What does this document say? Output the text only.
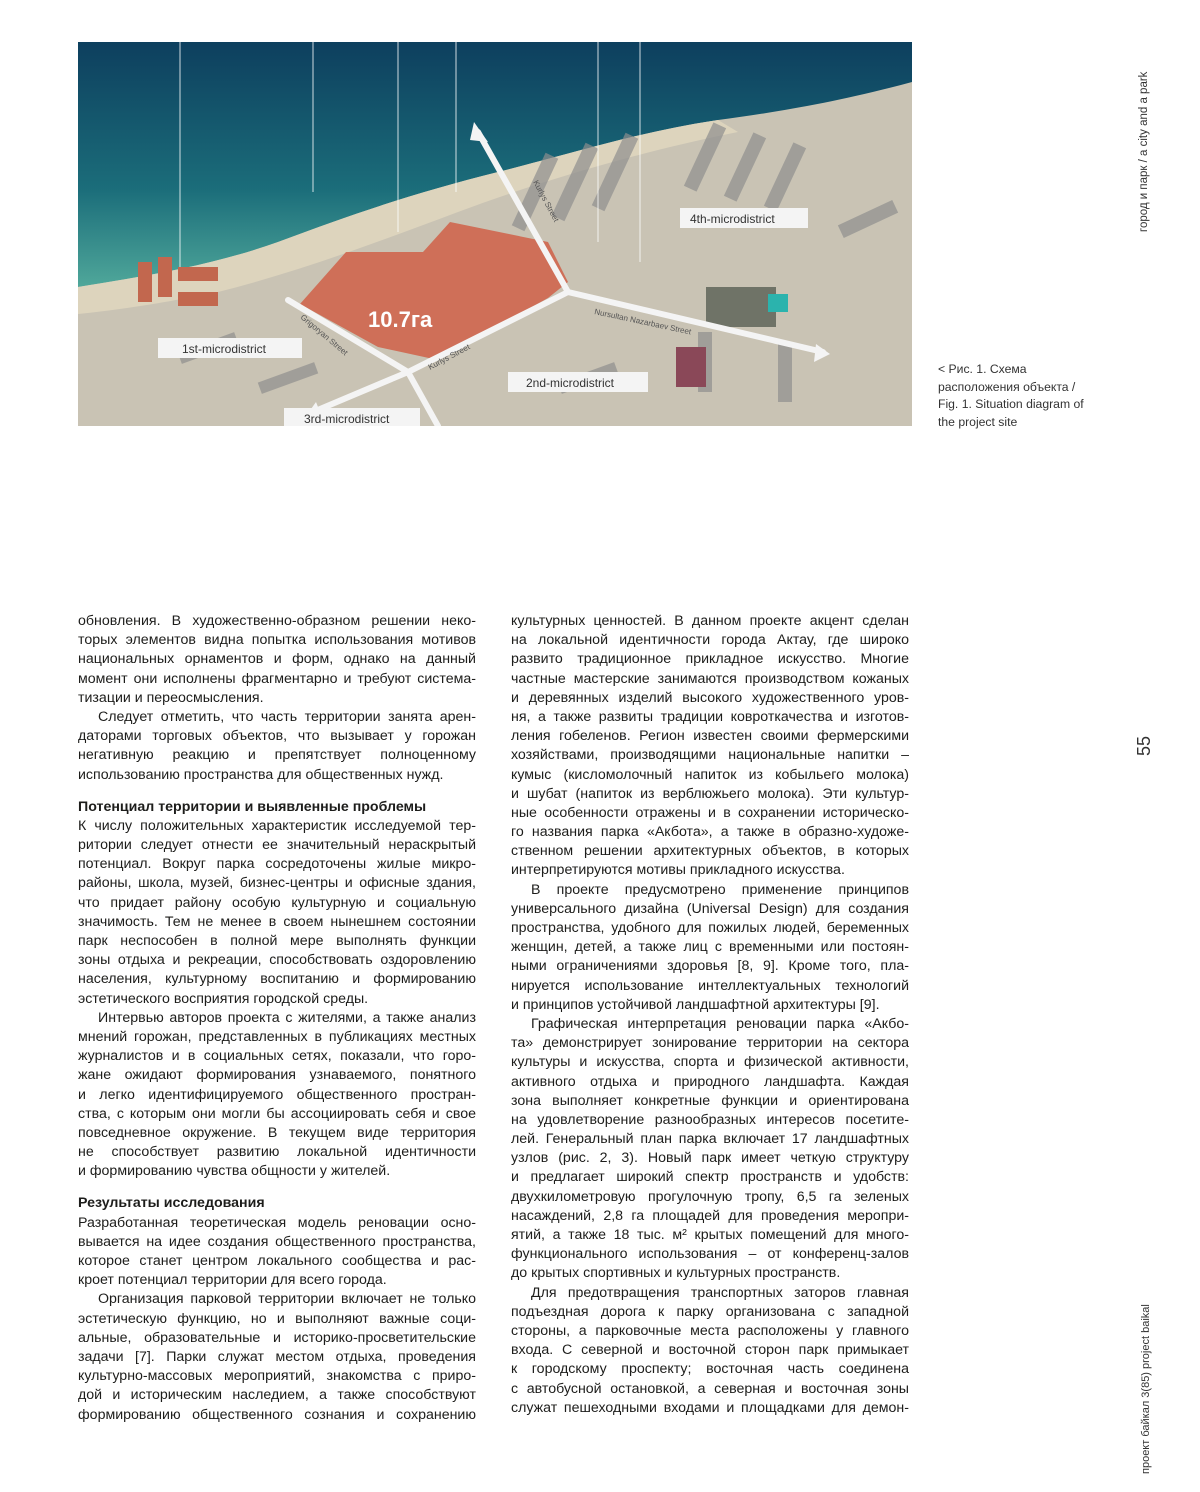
10.7га
4th-microdistrict
1st-microdistrict
2nd-microdistrict
3rd-microdistrict
Kurlys Street
Grigoryan Street	Kurlys Street
Nursultan Nazarbaev Street
< Рис. 1. Схема
расположения объекта /
Fig. 1. Situation diagram of
the project site
город и парк / a city and a park
55
проект байкал 3(85) project baikal
обновления. В художественно-образном решении неко-
торых элементов видна попытка использования мотивов
национальных орнаментов и форм, однако на данный
момент они исполнены фрагментарно и требуют система-
тизации и переосмысления.
Следует отметить, что часть территории занята арен-
даторами торговых объектов, что вызывает у горожан
негативную реакцию и препятствует полноценному
использованию пространства для общественных нужд.
Потенциал территории и выявленные проблемы
К числу положительных характеристик исследуемой тер-
ритории следует отнести ее значительный нераскрытый
потенциал. Вокруг парка сосредоточены жилые микро-
районы, школа, музей, бизнес-центры и офисные здания,
что придает району особую культурную и социальную
значимость. Тем не менее в своем нынешнем состоянии
парк неспособен в полной мере выполнять функции
зоны отдыха и рекреации, способствовать оздоровлению
населения, культурному воспитанию и формированию
эстетического восприятия городской среды.
Интервью авторов проекта с жителями, а также анализ
мнений горожан, представленных в публикациях местных
журналистов и в социальных сетях, показали, что горо-
жане ожидают формирования узнаваемого, понятного
и легко идентифицируемого общественного простран-
ства, с которым они могли бы ассоциировать себя и свое
повседневное окружение. В текущем виде территория
не способствует развитию локальной идентичности
и формированию чувства общности у жителей.
Результаты исследования
Разработанная теоретическая модель реновации осно-
вывается на идее создания общественного пространства,
которое станет центром локального сообщества и рас-
кроет потенциал территории для всего города.
Организация парковой территории включает не только
эстетическую функцию, но и выполняют важные соци-
альные, образовательные и историко-просветительские
задачи [7]. Парки служат местом отдыха, проведения
культурно-массовых мероприятий, знакомства с приро-
дой и историческим наследием, а также способствуют
формированию общественного сознания и сохранению
культурных ценностей. В данном проекте акцент сделан
на локальной идентичности города Актау, где широко
развито традиционное прикладное искусство. Многие
частные мастерские занимаются производством кожаных
и деревянных изделий высокого художественного уров-
ня, а также развиты традиции ковроткачества и изготов-
ления гобеленов. Регион известен своими фермерскими
хозяйствами, производящими национальные напитки –
кумыс (кисломолочный напиток из кобыльего молока)
и шубат (напиток из верблюжьего молока). Эти культур-
ные особенности отражены и в сохранении историческо-
го названия парка «Акбота», а также в образно-художе-
ственном решении архитектурных объектов, в которых
интерпретируются мотивы прикладного искусства.
В проекте предусмотрено применение принципов
универсального дизайна (Universal Design) для создания
пространства, удобного для пожилых людей, беременных
женщин, детей, а также лиц с временными или постоян-
ными ограничениями здоровья [8, 9]. Кроме того, пла-
нируется использование интеллектуальных технологий
и принципов устойчивой ландшафтной архитектуры [9].
Графическая интерпретация реновации парка «Акбо-
та» демонстрирует зонирование территории на сектора
культуры и искусства, спорта и физической активности,
активного отдыха и природного ландшафта. Каждая
зона выполняет конкретные функции и ориентирована
на удовлетворение разнообразных интересов посетите-
лей. Генеральный план парка включает 17 ландшафтных
узлов (рис. 2, 3). Новый парк имеет четкую структуру
и предлагает широкий спектр пространств и удобств:
двухкилометровую прогулочную тропу, 6,5 га зеленых
насаждений, 2,8 га площадей для проведения меропри-
ятий, а также 18 тыс. м² крытых помещений для много-
функционального использования – от конференц-залов
до крытых спортивных и культурных пространств.
Для предотвращения транспортных заторов главная
подъездная дорога к парку организована с западной
стороны, а парковочные места расположены у главного
входа. С северной и восточной сторон парк примыкает
к городскому проспекту; восточная часть соединена
с автобусной остановкой, а северная и восточная зоны
служат пешеходными входами и площадками для демон-
